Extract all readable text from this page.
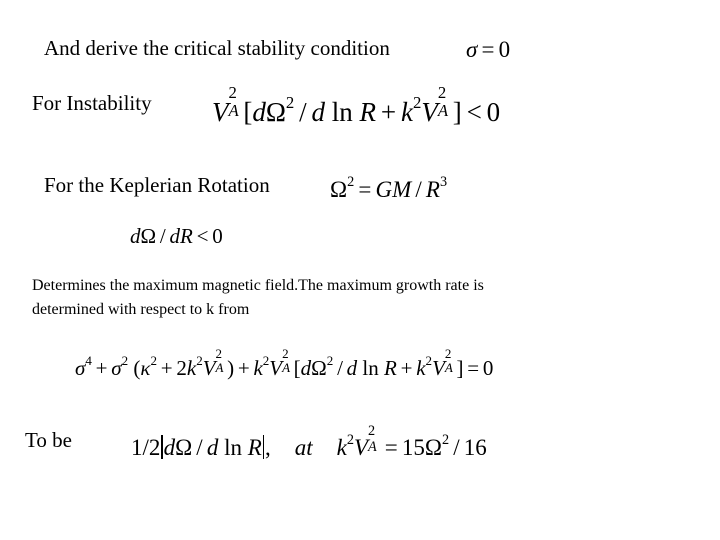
And derive the critical stability condition
For Instability
For the Keplerian Rotation
Determines the maximum magnetic field.The maximum growth rate is
determined with respect to k from
To be
σ = 0
V
2
A [$d\Omega^2$ / d $\ln R + k^2V$
2
A ] < 0
$\Omega^2$ = GM / $R^3$
dΩ / dR < 0
$\sigma^4 + \sigma^2$ ($\kappa^2 + 2k^2V$
2
A ) + $k^2V$
2
A [$d\Omega^2$ / d $\ln R + k^2V$
2
A ] = 0
1/2 dΩ / d ln R , at $k^2V$
2
$A = 15\Omega^2 / 16$
